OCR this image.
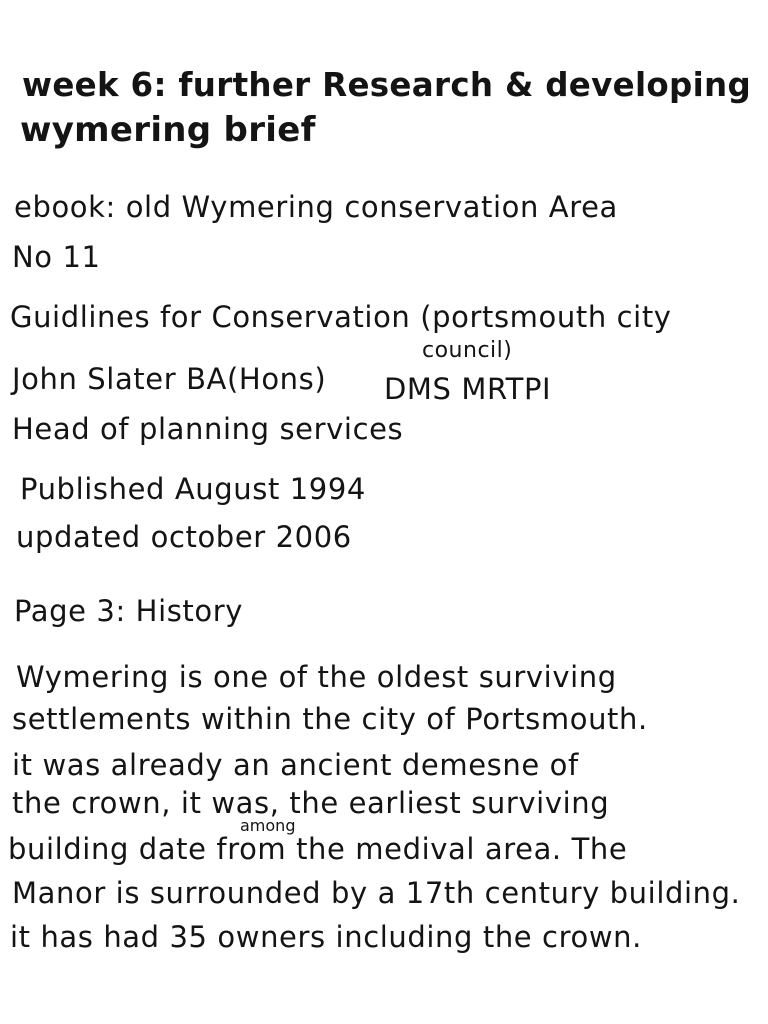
week 6: further Research & developing
wymering brief
ebook: old Wymering conservation Area
No 11
Guidlines for Conservation (portsmouth city
council)
John Slater BA(Hons) DMS MRTPI
Head of planning services
Published August 1994
updated october 2006
Page 3: History
Wymering is one of the oldest surviving
settlements within the city of Portsmouth.
it was already an ancient demesne of
the crown, it was, the earliest surviving
among
building date from the medival area. The
Manor is surrounded by a 17th century building.
it has had 35 owners including the crown.
